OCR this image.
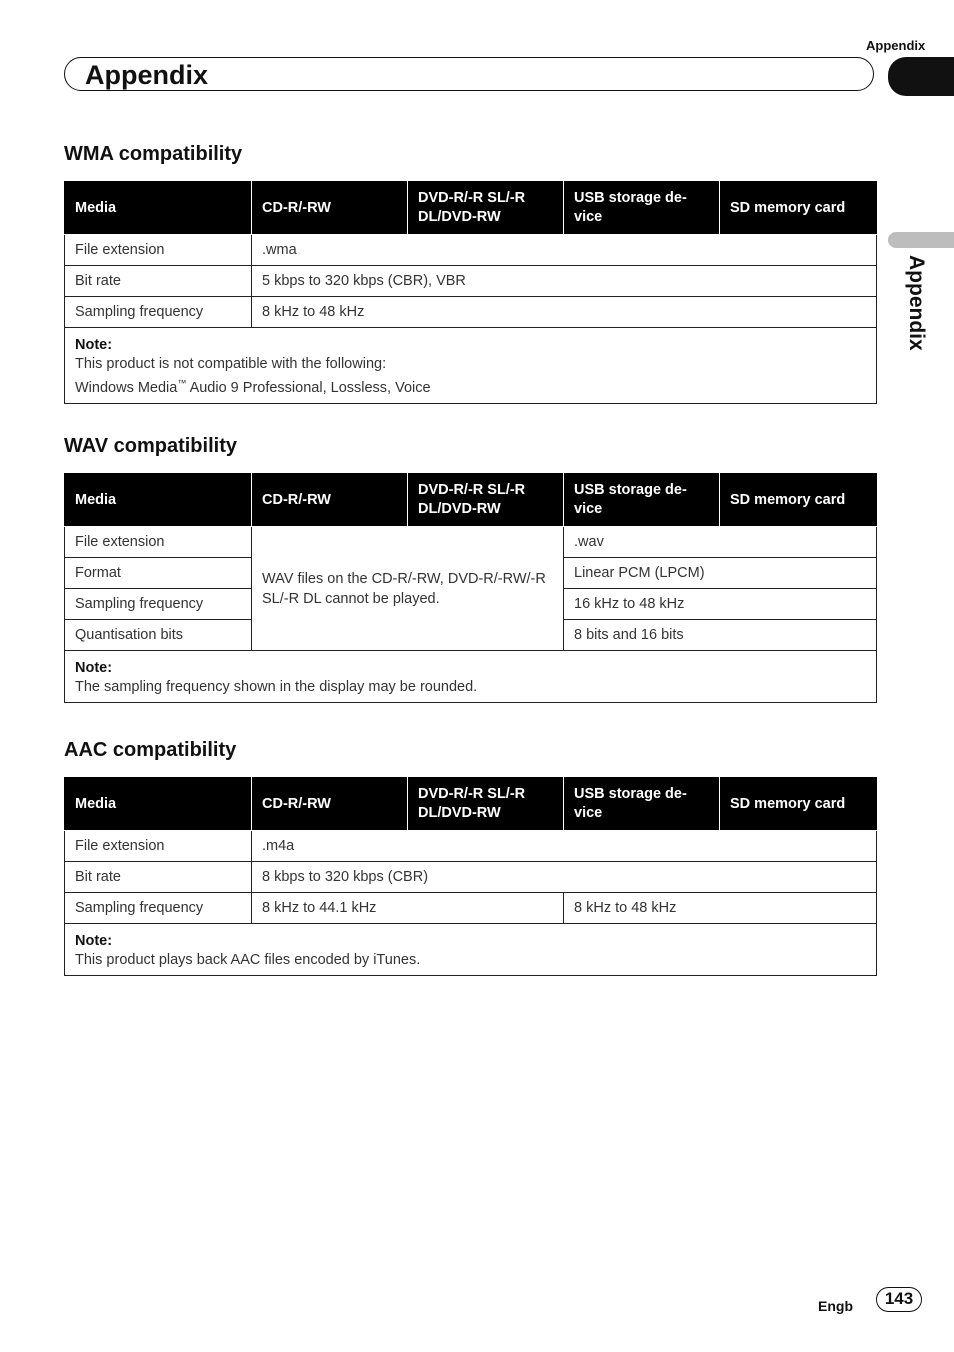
Appendix
Appendix
Appendix
WMA compatibility
Media	CD-R/-RW	DVD-R/-R SL/-R DL/DVD-RW	USB storage de-vice	SD memory card
File extension	.wma			
Bit rate	5 kbps to 320 kbps (CBR), VBR			
Sampling frequency	8 kHz to 48 kHz			
Note:
This product is not compatible with the following:
Windows Media™ Audio 9 Professional, Lossless, Voice				
WAV compatibility
Media	CD-R/-RW	DVD-R/-R SL/-R DL/DVD-RW	USB storage de-vice	SD memory card
File extension	WAV files on the CD-R/-RW, DVD-R/-RW/-R SL/-R DL cannot be played.		.wav	
Format			Linear PCM (LPCM)	
Sampling frequency			16 kHz to 48 kHz	
Quantisation bits			8 bits and 16 bits	
Note:
The sampling frequency shown in the display may be rounded.				
AAC compatibility
Media	CD-R/-RW	DVD-R/-R SL/-R DL/DVD-RW	USB storage de-vice	SD memory card
File extension	.m4a			
Bit rate	8 kbps to 320 kbps (CBR)			
Sampling frequency	8 kHz to 44.1 kHz		8 kHz to 48 kHz	
Note:
This product plays back AAC files encoded by iTunes.				
Engb	143
